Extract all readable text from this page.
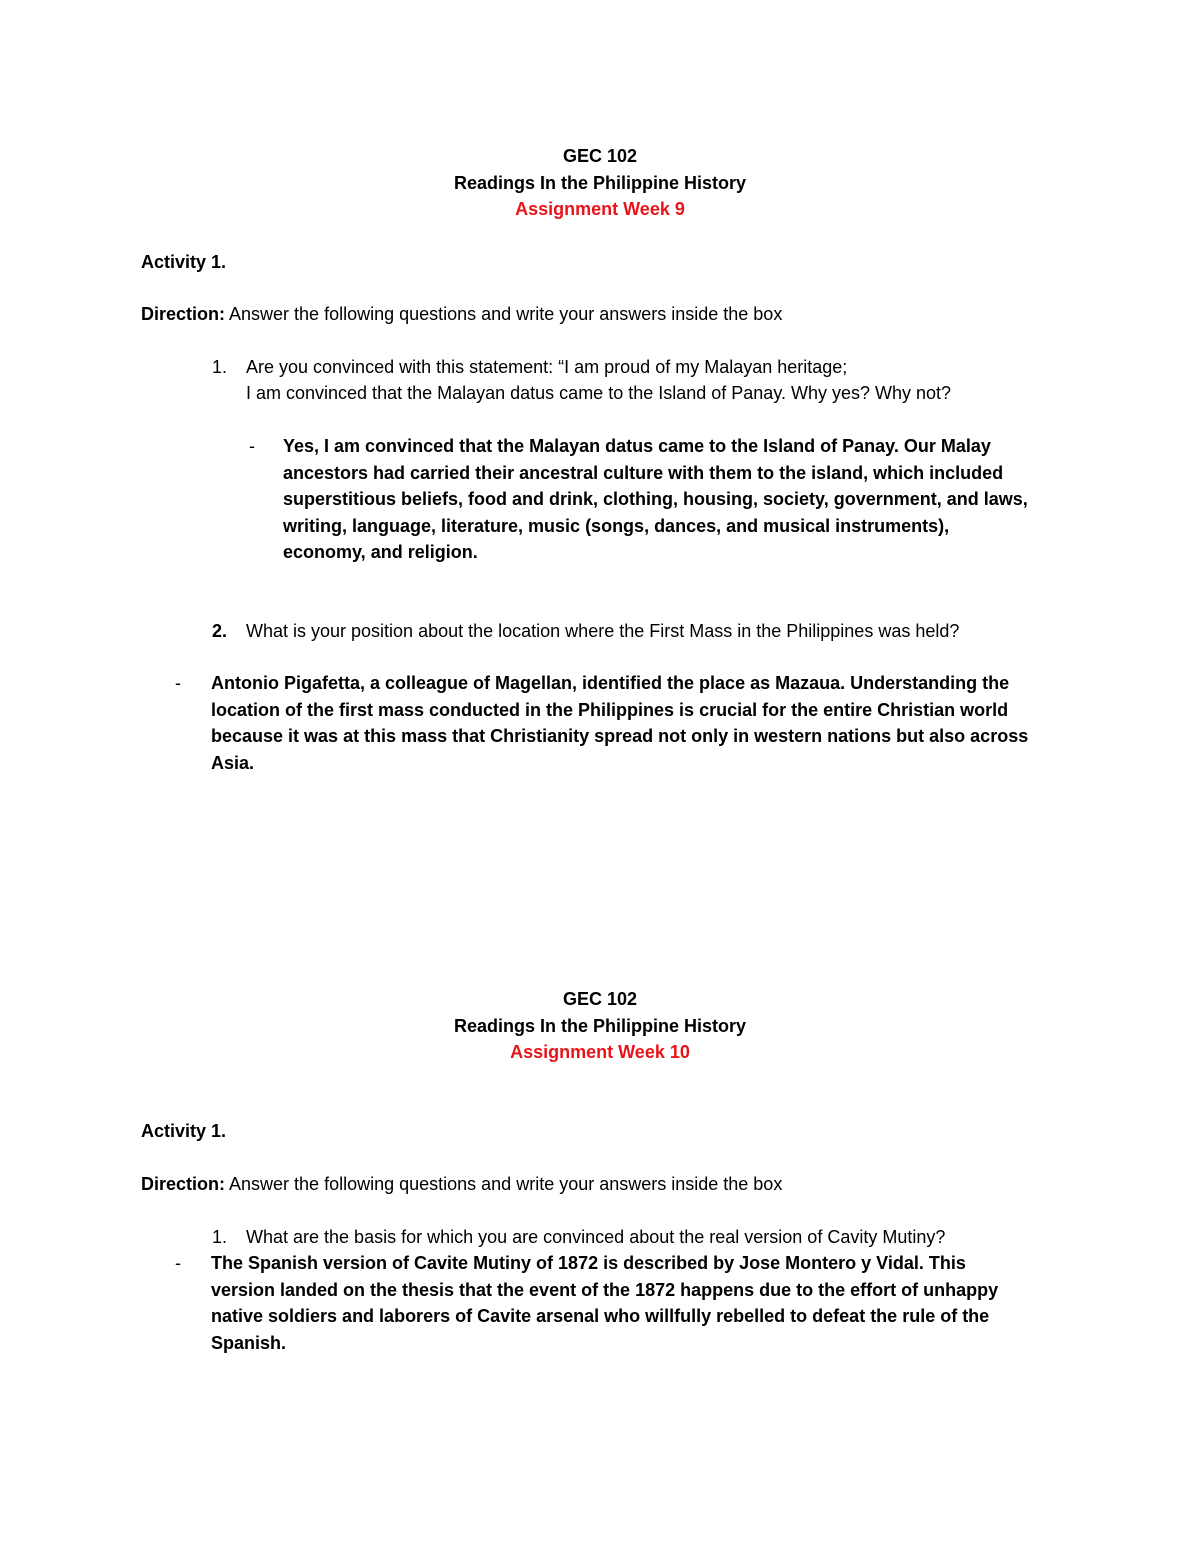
GEC 102

Readings In the Philippine History

Assignment Week 9

Activity 1.

Direction: Answer the following questions and write your answers inside the box

1. Are you convinced with this statement: “I am proud of my Malayan heritage;

I am convinced that the Malayan datus came to the Island of Panay. Why yes? Why not?

- Yes, I am convinced that the Malayan datus came to the Island of Panay. Our Malay

ancestors had carried their ancestral culture with them to the island, which included

superstitious beliefs, food and drink, clothing, housing, society, government, and laws,

writing, language, literature, music (songs, dances, and musical instruments),

economy, and religion.

2. What is your position about the location where the First Mass in the Philippines was held?

- Antonio Pigafetta, a colleague of Magellan, identified the place as Mazaua. Understanding the

location of the first mass conducted in the Philippines is crucial for the entire Christian world

because it was at this mass that Christianity spread not only in western nations but also across

Asia.

GEC 102

Readings In the Philippine History

Assignment Week 10

Activity 1.

Direction: Answer the following questions and write your answers inside the box

1. What are the basis for which you are convinced about the real version of Cavity Mutiny?

- The Spanish version of Cavite Mutiny of 1872 is described by Jose Montero y Vidal. This

version landed on the thesis that the event of the 1872 happens due to the effort of unhappy

native soldiers and laborers of Cavite arsenal who willfully rebelled to defeat the rule of the

Spanish.
